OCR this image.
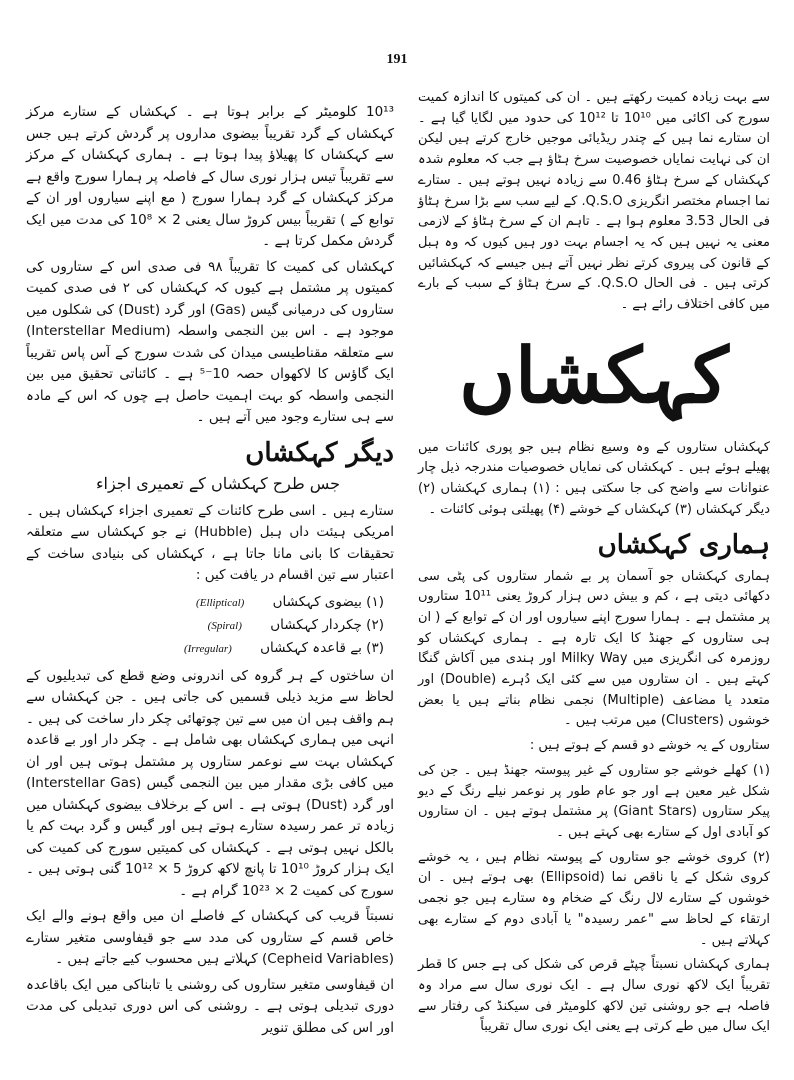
191

سے بہت زیادہ کمیت رکھتے ہیں ۔ ان کی کمیتوں کا اندازہ کمیت سورج کی اکائی میں 10¹⁰ تا 10¹² کی حدود میں لگایا گیا ہے ۔ ان ستارے نما ہیں کے چندر ریڈیائی موجیں خارج کرتے ہیں لیکن ان کی نہایت نمایاں خصوصیت سرخ ہٹاؤ ہے جب کہ معلوم شدہ کہکشاں کے سرخ ہٹاؤ 0.46 سے زیادہ نہیں ہوتے ہیں ۔ ستارے نما اجسام مختصر انگریزی Q.S.O. کے لیے سب سے بڑا سرخ ہٹاؤ فی الحال 3.53 معلوم ہوا ہے ۔ تاہم ان کے سرخ ہٹاؤ کے لازمی معنی یہ نہیں ہیں کہ یہ اجسام بہت دور ہیں کیوں کہ وہ ہبل کے قانون کی پیروی کرتے نظر نہیں آتے ہیں جیسے کہ کہکشائیں کرتی ہیں ۔ فی الحال Q.S.O. کے سرخ ہٹاؤ کے سبب کے بارے میں کافی اختلاف رائے ہے ۔

کہکشاں

کہکشاں ستاروں کے وہ وسیع نظام ہیں جو پوری کائنات میں پھیلے ہوئے ہیں ۔ کہکشاں کی نمایاں خصوصیات مندرجہ ذیل چار عنوانات سے واضح کی جا سکتی ہیں : (۱) ہماری کہکشاں (۲) دیگر کہکشاں (۳) کہکشاں کے خوشے (۴) پھیلتی ہوئی کائنات ۔

ہماری کہکشاں

ہماری کہکشاں جو آسمان پر بے شمار ستاروں کی پٹی سی دکھائی دیتی ہے ، کم و بیش دس ہزار کروڑ یعنی 10¹¹ ستاروں پر مشتمل ہے ۔ ہمارا سورج اپنے سیاروں اور ان کے توابع کے ( ان ہی ستاروں کے جھنڈ کا ایک تارہ ہے ۔ ہماری کہکشاں کو روزمرہ کی انگریزی میں Milky Way اور ہندی میں آکاش گنگا کہتے ہیں ۔ ان ستاروں میں سے کئی ایک دُہرے (Double) اور متعدد یا مضاعف (Multiple) نجمی نظام بناتے ہیں یا بعض خوشوں (Clusters) میں مرتب ہیں ۔

ستاروں کے یہ خوشے دو قسم کے ہوتے ہیں :

(۱) کھلے خوشے جو ستاروں کے غیر پیوستہ جھنڈ ہیں ۔ جن کی شکل غیر معین ہے اور جو عام طور پر نوعمر نیلے رنگ کے دیو پیکر ستاروں (Giant Stars) پر مشتمل ہوتے ہیں ۔ ان ستاروں کو آبادی اول کے ستارے بھی کہتے ہیں ۔

(۲) کروی خوشے جو ستاروں کے پیوستہ نظام ہیں ، یہ خوشے کروی شکل کے یا ناقص نما (Ellipsoid) بھی ہوتے ہیں ۔ ان خوشوں کے ستارے لال رنگ کے ضخام وہ ستارے ہیں جو نجمی ارتقاء کے لحاظ سے "عمر رسیدہ" یا آبادی دوم کے ستارے بھی کہلاتے ہیں ۔

ہماری کہکشاں نسبتاً چپٹے قرص کی شکل کی ہے جس کا قطر تقریباً ایک لاکھ نوری سال ہے ۔ ایک نوری سال سے مراد وہ فاصلہ ہے جو روشنی تین لاکھ کلومیٹر فی سیکنڈ کی رفتار سے ایک سال میں طے کرتی ہے یعنی ایک نوری سال تقریباً

10¹³ کلومیٹر کے برابر ہوتا ہے ۔ کہکشاں کے ستارے مرکز کہکشاں کے گرد تقریباً بیضوی مداروں پر گردش کرتے ہیں جس سے کہکشاں کا پھیلاؤ پیدا ہوتا ہے ۔ ہماری کہکشاں کے مرکز سے تقریباً تیس ہزار نوری سال کے فاصلہ پر ہمارا سورج واقع ہے مرکز کہکشاں کے گرد ہمارا سورج ( مع اپنے سیاروں اور ان کے توابع کے ) تقریباً بیس کروڑ سال یعنی 2 × 10⁸ کی مدت میں ایک گردش مکمل کرتا ہے ۔

کہکشاں کی کمیت کا تقریباً ۹۸ فی صدی اس کے ستاروں کی کمیتوں پر مشتمل ہے کیوں کہ کہکشاں کی ۲ فی صدی کمیت ستاروں کی درمیانی گیس (Gas) اور گرد (Dust) کی شکلوں میں موجود ہے ۔ اس بین النجمی واسطہ (Interstellar Medium) سے متعلقہ مقناطیسی میدان کی شدت سورج کے آس پاس تقریباً ایک گاؤس کا لاکھواں حصہ 10⁻⁵ ہے ۔ کائناتی تحقیق میں بین النجمی واسطہ کو بہت اہمیت حاصل ہے چوں کہ اس کے مادہ سے ہی ستارے وجود میں آتے ہیں ۔

دیگر کہکشاں
جس طرح کہکشاں کے تعمیری اجزاء

ستارے ہیں ۔ اسی طرح کائنات کے تعمیری اجزاء کہکشاں ہیں ۔ امریکی ہیئت داں ہبل (Hubble) نے جو کہکشاں سے متعلقہ تحقیقات کا بانی مانا جاتا ہے ، کہکشاں کی بنیادی ساخت کے اعتبار سے تین اقسام در یافت کیں :

(۱) بیضوی کہکشاں (Elliptical)
(۲) چکردار کہکشاں (Spiral)
(۳) بے قاعدہ کہکشاں (Irregular)

ان ساختوں کے ہر گروہ کی اندرونی وضع قطع کی تبدیلیوں کے لحاظ سے مزید ذیلی قسمیں کی جاتی ہیں ۔ جن کہکشاں سے ہم واقف ہیں ان میں سے تین چوتھائی چکر دار ساخت کی ہیں ۔ انہی میں ہماری کہکشاں بھی شامل ہے ۔ چکر دار اور بے قاعدہ کہکشاں بہت سے نوعمر ستاروں پر مشتمل ہوتی ہیں اور ان میں کافی بڑی مقدار میں بین النجمی گیس (Interstellar Gas) اور گرد (Dust) ہوتی ہے ۔ اس کے برخلاف بیضوی کہکشاں میں زیادہ تر عمر رسیدہ ستارے ہوتے ہیں اور گیس و گرد بہت کم یا بالکل نہیں ہوتی ہے ۔ کہکشاں کی کمیتیں سورج کی کمیت کی ایک ہزار کروڑ 10¹⁰ تا پانچ لاکھ کروڑ 5 × 10¹² گنی ہوتی ہیں ۔ سورج کی کمیت 2 × 10²³ گرام ہے ۔

نسبتاً قریب کی کہکشاں کے فاصلے ان میں واقع ہونے والے ایک خاص قسم کے ستاروں کی مدد سے جو قیفاوسی متغیر ستارے (Cepheid Variables) کہلاتے ہیں محسوب کیے جاتے ہیں ۔

ان قیفاوسی متغیر ستاروں کی روشنی یا تابناکی میں ایک باقاعدہ دوری تبدیلی ہوتی ہے ۔ روشنی کی اس دوری تبدیلی کی مدت اور اس کی مطلق تنویر
